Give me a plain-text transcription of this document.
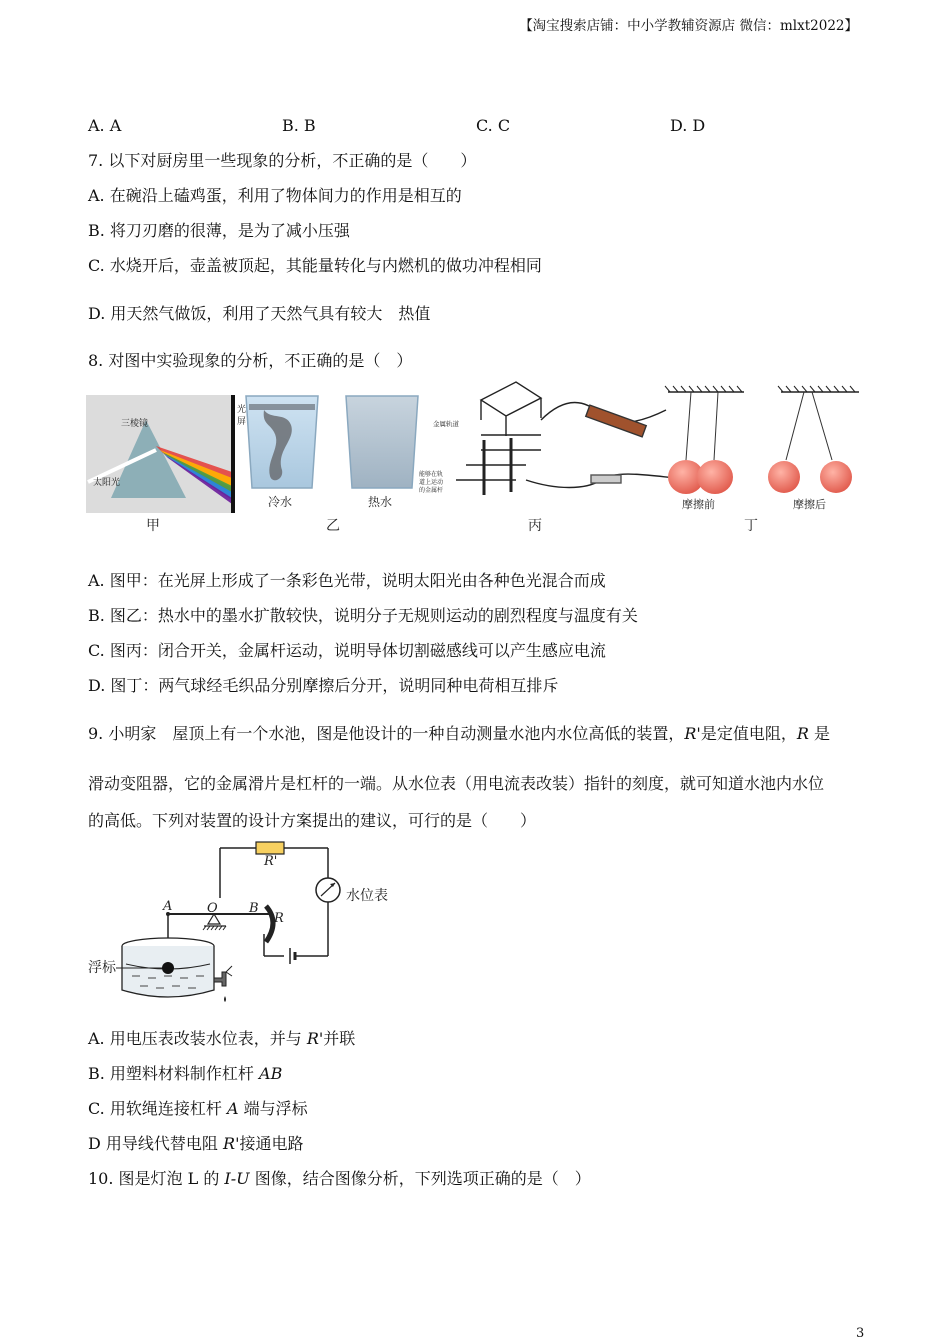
【淘宝搜索店铺：中小学教辅资源店 微信：mlxt2022】
A. A	B. B	C. C	D. D
7. 以下对厨房里一些现象的分析，不正确的是（　　）
A. 在碗沿上磕鸡蛋，利用了物体间力的作用是相互的
B. 将刀刃磨的很薄，是为了减小压强
C. 水烧开后，壶盖被顶起，其能量转化与内燃机的做功冲程相同
D. 用天然气做饭，利用了天然气具有较大　热值
8. 对图中实验现象的分析，不正确的是（　）
三棱镜
太阳光
光
屏
冷水	热水
金属轨道
能够在轨
道上运动
的金属杆
摩擦前	摩擦后
甲	乙	丙	丁
A. 图甲：在光屏上形成了一条彩色光带，说明太阳光由各种色光混合而成
B. 图乙：热水中的墨水扩散较快，说明分子无规则运动的剧烈程度与温度有关
C. 图丙：闭合开关，金属杆运动，说明导体切割磁感线可以产生感应电流
D. 图丁：两气球经毛织品分别摩擦后分开，说明同种电荷相互排斥
9. 小明家　屋顶上有一个水池，图是他设计的一种自动测量水池内水位高低的装置，R'是定值电阻，R 是
滑动变阻器，它的金属滑片是杠杆的一端。从水位表（用电流表改装）指针的刻度，就可知道水池内水位
的高低。下列对装置的设计方案提出的建议，可行的是（　　）
R'
水位表
A	O B
R
浮标
A. 用电压表改装水位表，并与 R'并联
B. 用塑料材料制作杠杆 AB
C. 用软绳连接杠杆 A 端与浮标
D 用导线代替电阻 R'接通电路
10. 图是灯泡 L 的 I-U 图像，结合图像分析，下列选项正确的是（　）
3
